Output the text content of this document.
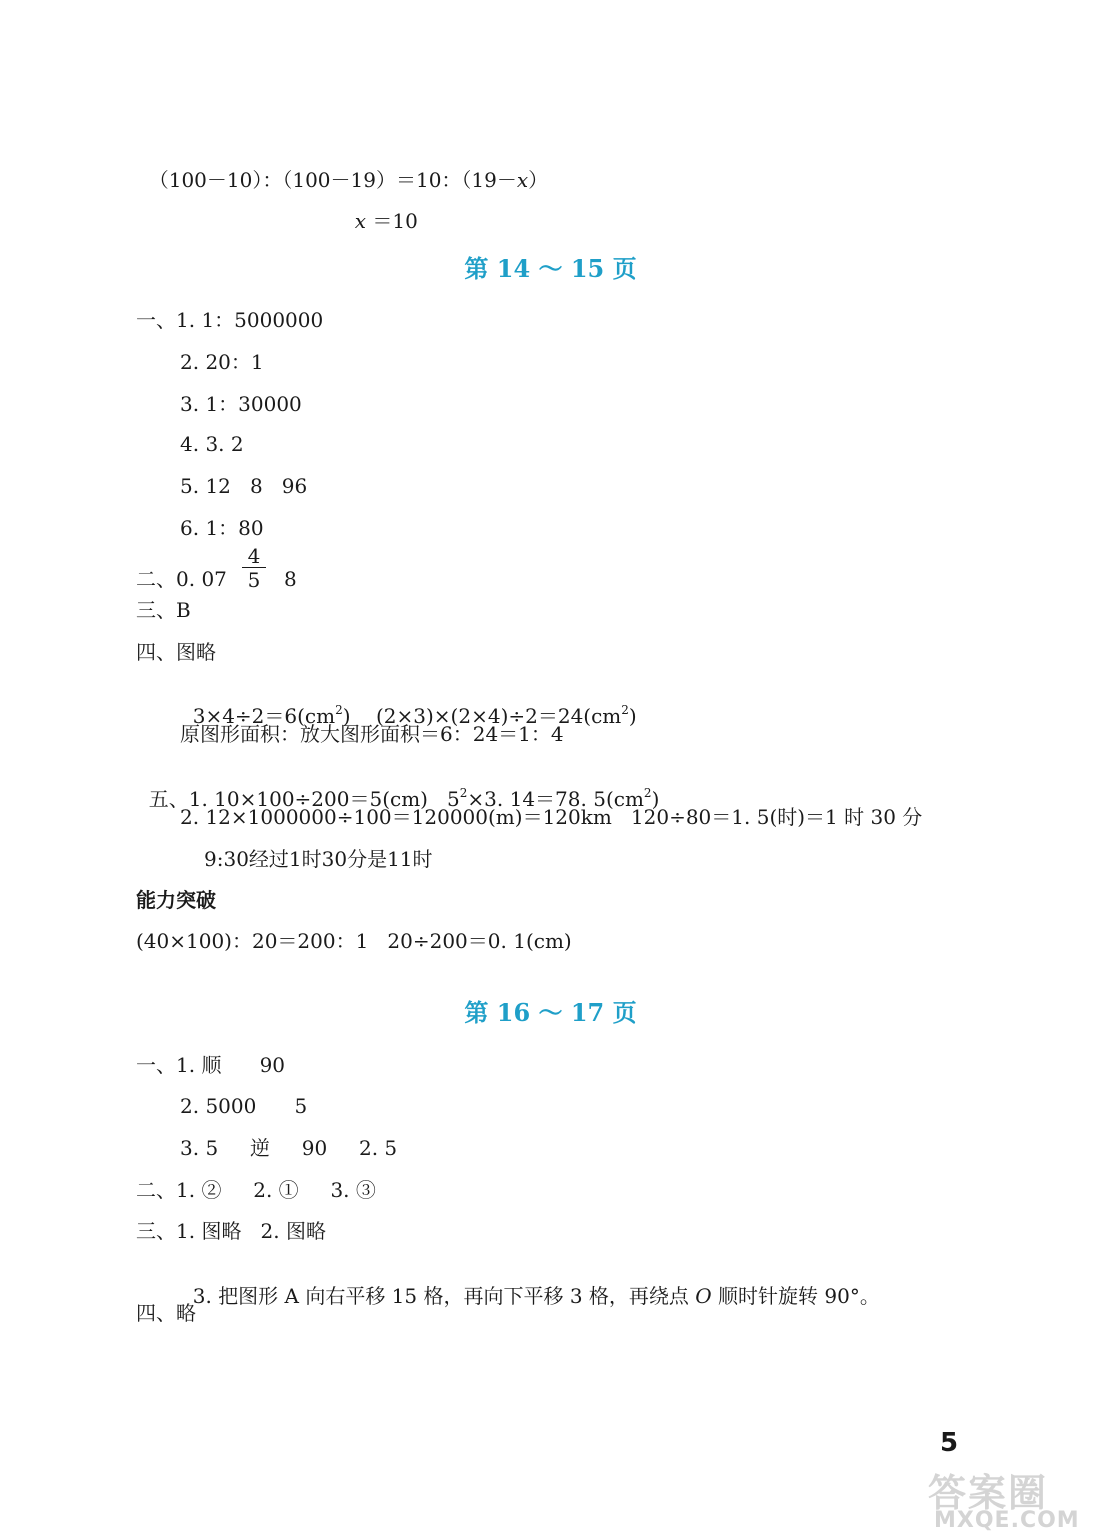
（100－10）：（100－19）＝10：（19－x）

x ＝10

第 14 ～ 15 页
一、1. 1：5000000
2. 20：1
3. 1：30000
4. 3. 2
5. 12   8   96
6. 1：80
二、0. $07 \frac{4}{5} 8$
三、B
四、图略

$3\times 4\div 2=6(cm^2)$    $(2\times 3)\times(2\times 4)\div 2=24(cm^2)$

原图形面积：放大图形面积＝6：24＝1：4

五、1. 10×100÷200＝5(cm)   $5^2\times 3$. 14＝78. $5(cm^2)$

2. 12×1000000÷100＝120000(m)＝120km   120÷80＝1. 5(时)＝1 时 30 分
9:30经过1时30分是11时
能力突破
(40×100)：20＝200：1   20÷200＝0. 1(cm)
第 16 ～ 17 页
一、1. 顺      90
2. 5000      5
3. 5     逆     90     2. 5
二、1. ②     2. ①     3. ③
三、1. 图略   2. 图略

3. 把图形 A 向右平移 15 格，再向下平移 3 格，再绕点 O 顺时针旋转 90°。

四、略
5
答案圈
MXQE.COM
